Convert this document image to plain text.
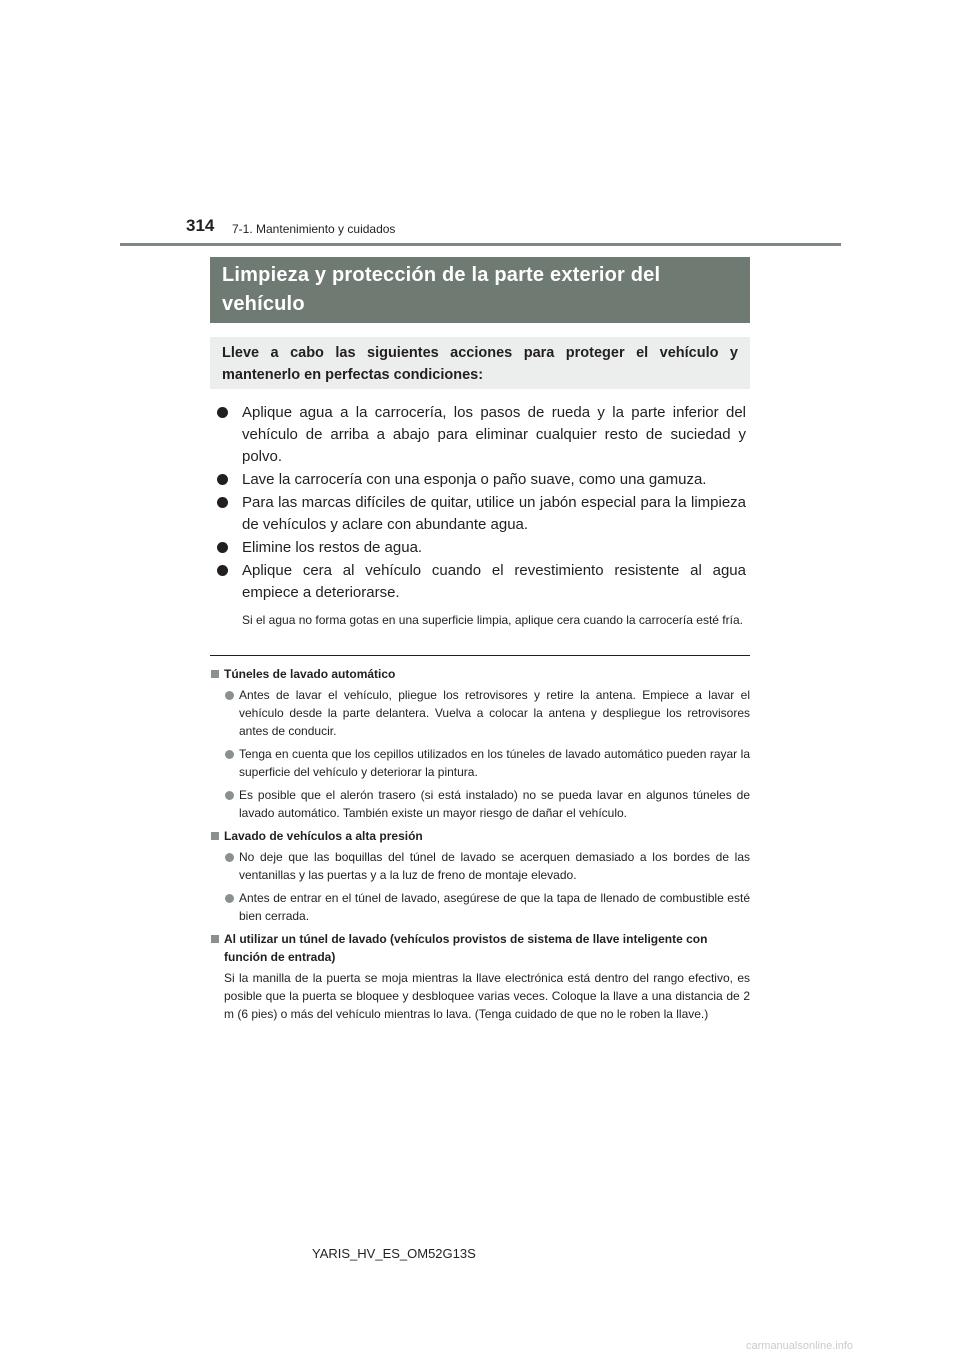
314 7-1. Mantenimiento y cuidados

Limpieza y protección de la parte exterior del vehículo

Lleve a cabo las siguientes acciones para proteger el vehículo y mantenerlo en perfectas condiciones:

Aplique agua a la carrocería, los pasos de rueda y la parte inferior del vehículo de arriba a abajo para eliminar cualquier resto de suciedad y polvo.
Lave la carrocería con una esponja o paño suave, como una gamuza.
Para las marcas difíciles de quitar, utilice un jabón especial para la limpieza de vehículos y aclare con abundante agua.
Elimine los restos de agua.
Aplique cera al vehículo cuando el revestimiento resistente al agua empiece a deteriorarse.
Si el agua no forma gotas en una superficie limpia, aplique cera cuando la carrocería esté fría.

Túneles de lavado automático

Antes de lavar el vehículo, pliegue los retrovisores y retire la antena. Empiece a lavar el vehículo desde la parte delantera. Vuelva a colocar la antena y despliegue los retrovisores antes de conducir.

Tenga en cuenta que los cepillos utilizados en los túneles de lavado automático pueden rayar la superficie del vehículo y deteriorar la pintura.

Es posible que el alerón trasero (si está instalado) no se pueda lavar en algunos túneles de lavado automático. También existe un mayor riesgo de dañar el vehículo.

Lavado de vehículos a alta presión

No deje que las boquillas del túnel de lavado se acerquen demasiado a los bordes de las ventanillas y las puertas y a la luz de freno de montaje elevado.

Antes de entrar en el túnel de lavado, asegúrese de que la tapa de llenado de combustible esté bien cerrada.

Al utilizar un túnel de lavado (vehículos provistos de sistema de llave inteligente con función de entrada)

Si la manilla de la puerta se moja mientras la llave electrónica está dentro del rango efectivo, es posible que la puerta se bloquee y desbloquee varias veces. Coloque la llave a una distancia de 2 m (6 pies) o más del vehículo mientras lo lava. (Tenga cuidado de que no le roben la llave.)

YARIS_HV_ES_OM52G13S
carmanualsonline.info
